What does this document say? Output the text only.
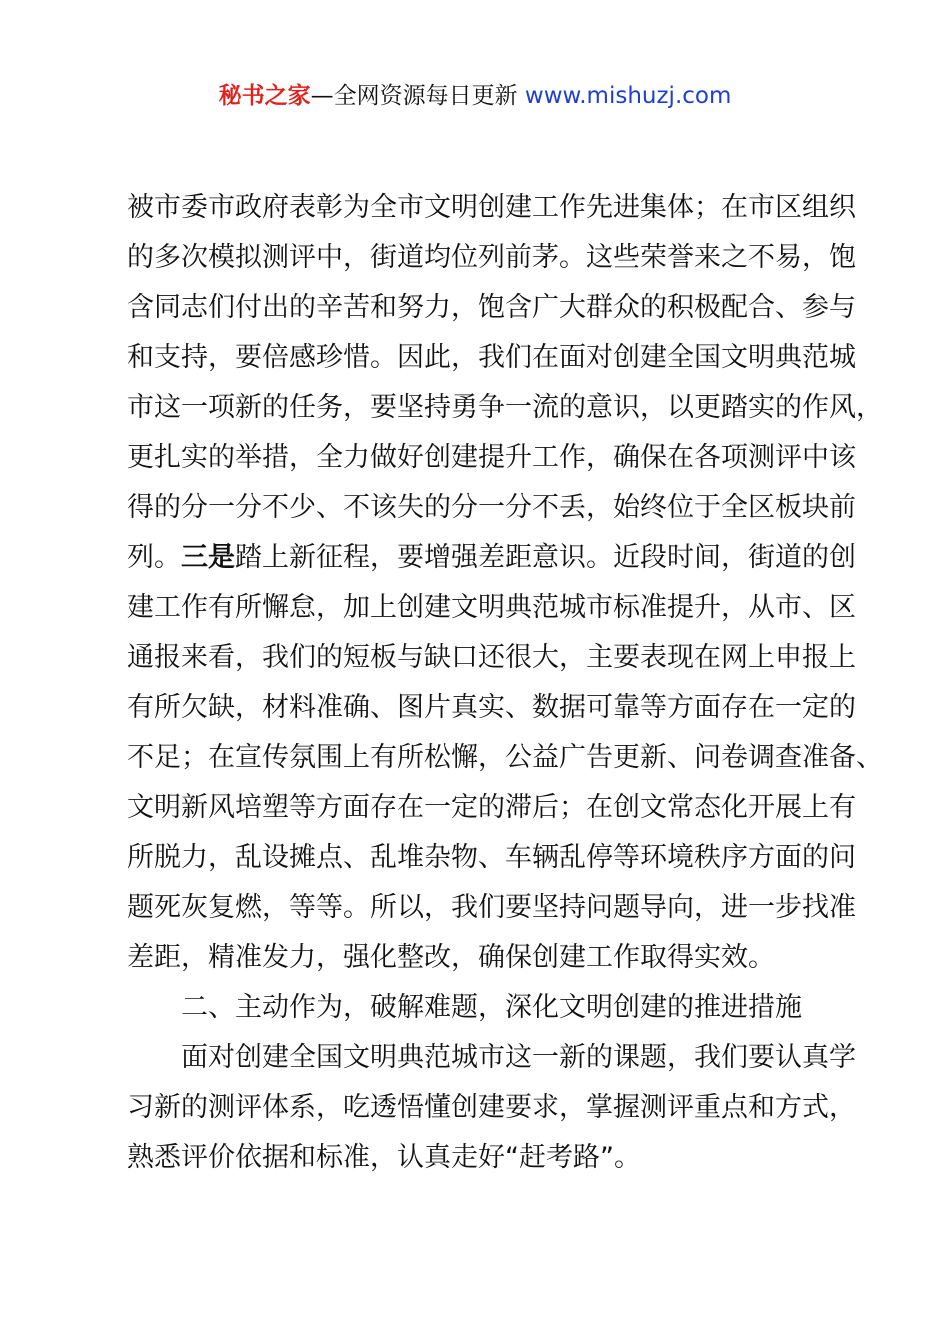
秘书之家—全网资源每日更新 www.mishuzj.com
被市委市政府表彰为全市文明创建工作先进集体；在市区组织
的多次模拟测评中，街道均位列前茅。这些荣誉来之不易，饱
含同志们付出的辛苦和努力，饱含广大群众的积极配合、参与
和支持，要倍感珍惜。因此，我们在面对创建全国文明典范城
市这一项新的任务，要坚持勇争一流的意识，以更踏实的作风，
更扎实的举措，全力做好创建提升工作，确保在各项测评中该
得的分一分不少、不该失的分一分不丢，始终位于全区板块前
列。三是踏上新征程，要增强差距意识。近段时间，街道的创
建工作有所懈怠，加上创建文明典范城市标准提升，从市、区
通报来看，我们的短板与缺口还很大，主要表现在网上申报上
有所欠缺，材料准确、图片真实、数据可靠等方面存在一定的
不足；在宣传氛围上有所松懈，公益广告更新、问卷调查准备、
文明新风培塑等方面存在一定的滞后；在创文常态化开展上有
所脱力，乱设摊点、乱堆杂物、车辆乱停等环境秩序方面的问
题死灰复燃，等等。所以，我们要坚持问题导向，进一步找准
差距，精准发力，强化整改，确保创建工作取得实效。
二、主动作为，破解难题，深化文明创建的推进措施
面对创建全国文明典范城市这一新的课题，我们要认真学
习新的测评体系，吃透悟懂创建要求，掌握测评重点和方式，
熟悉评价依据和标准，认真走好“赶考路”。
